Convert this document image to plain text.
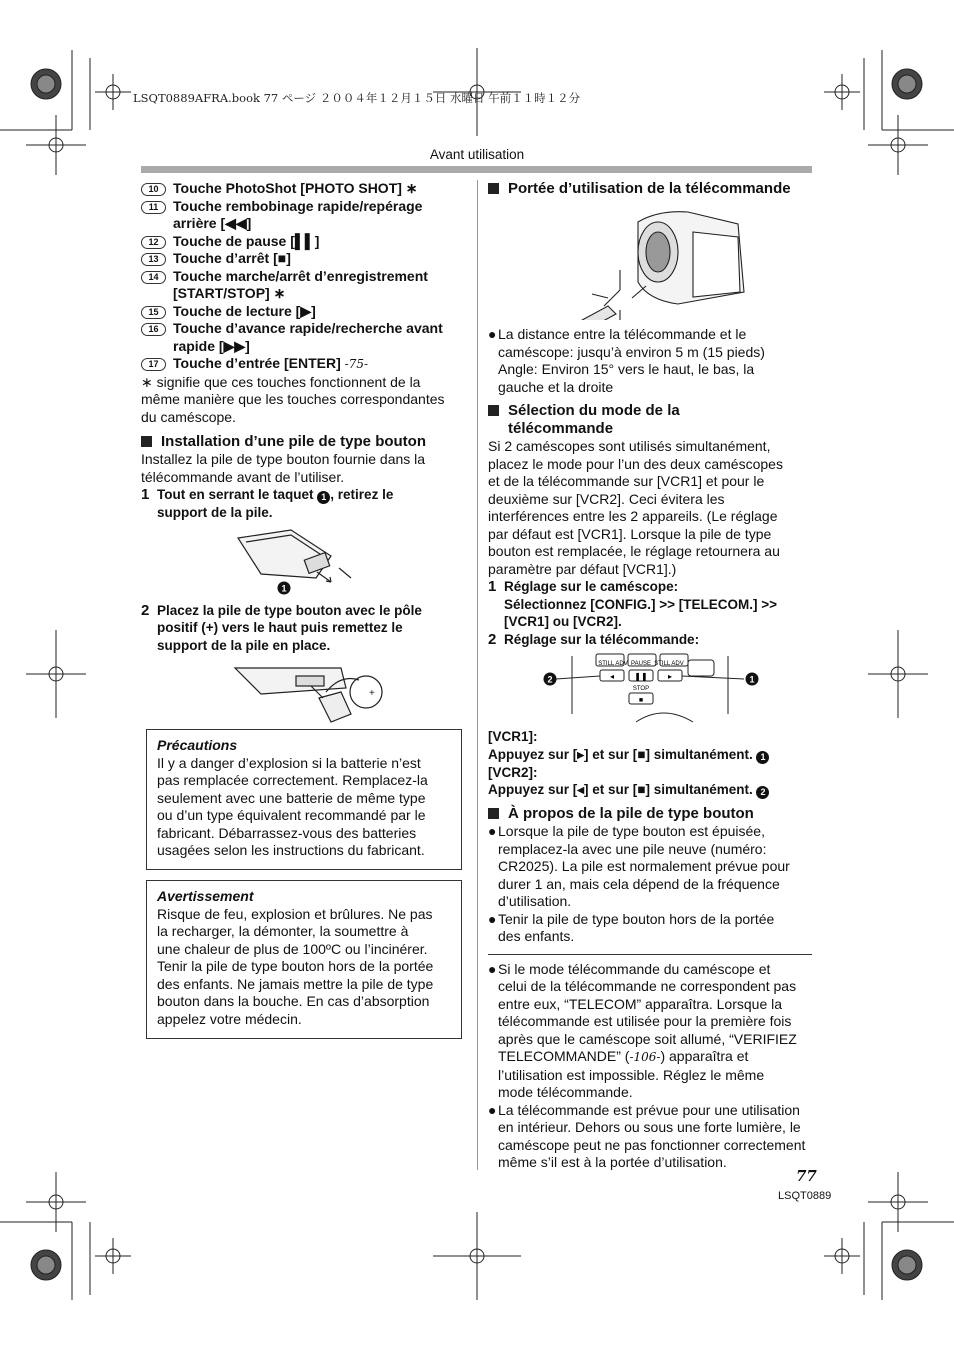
LSQT0889AFRA.book 77 ページ ２００４年１２月１５日 水曜日 午前１１時１２分
Avant utilisation
10	Touche PhotoShot [PHOTO SHOT] ∗
11	Touche rembobinage rapide/repérage
arrière [◀◀]
12	Touche de pause [▌▌]
13	Touche d’arrêt [■]
14	Touche marche/arrêt d’enregistrement
[START/STOP] ∗
15	Touche de lecture [▶]
16	Touche d’avance rapide/recherche avant
rapide [▶▶]
17	Touche d’entrée [ENTER] -75-
∗ signifie que ces touches fonctionnent de la
même manière que les touches correspondantes
du caméscope.
Installation d’une pile de type bouton
Installez la pile de type bouton fournie dans la
télécommande avant de l’utiliser.
1 Tout en serrant le taquet 1 , retirez le
support de la pile.
1
2 Placez la pile de type bouton avec le pôle
positif (+) vers le haut puis remettez le
support de la pile en place.
+
Précautions
Il y a danger d’explosion si la batterie n’est
pas remplacée correctement. Remplacez-la
seulement avec une batterie de même type
ou d’un type équivalent recommandé par le
fabricant. Débarrassez-vous des batteries
usagées selon les instructions du fabricant.
Avertissement
Risque de feu, explosion et brûlures. Ne pas
la recharger, la démonter, la soumettre à
une chaleur de plus de 100ºC ou l’incinérer.
Tenir la pile de type bouton hors de la portée
des enfants. Ne jamais mettre la pile de type
bouton dans la bouche. En cas d’absorption
appelez votre médecin.
Portée d’utilisation de la télécommande
● La distance entre la télécommande et le
caméscope: jusqu’à environ 5 m (15 pieds)
Angle: Environ 15° vers le haut, le bas, la
gauche et la droite
Sélection du mode de la
télécommande
Si 2 caméscopes sont utilisés simultanément,
placez le mode pour l’un des deux caméscopes
et de la télécommande sur [VCR1] et pour le
deuxième sur [VCR2]. Ceci évitera les
interférences entre les 2 appareils. (Le réglage
par défaut est [VCR1]. Lorsque la pile de type
bouton est remplacée, le réglage retournera au
paramètre par défaut [VCR1].)
1 Réglage sur le caméscope:
Sélectionnez [CONFIG.] >> [TELECOM.] >>
[VCR1] ou [VCR2].
2 Réglage sur la télécommande:
STILL ADV PAUSE STILL ADV
◂	❚❚	▸
STOP
■
2	1
[VCR1]:
Appuyez sur [▸] et sur [■] simultanément. 1
[VCR2]:
Appuyez sur [◂] et sur [■] simultanément. 2
À propos de la pile de type bouton
● Lorsque la pile de type bouton est épuisée,
remplacez-la avec une pile neuve (numéro:
CR2025). La pile est normalement prévue pour
durer 1 an, mais cela dépend de la fréquence
d’utilisation.
● Tenir la pile de type bouton hors de la portée
des enfants.
● Si le mode télécommande du caméscope et
celui de la télécommande ne correspondent pas
entre eux, “TELECOM” apparaîtra. Lorsque la
télécommande est utilisée pour la première fois
après que le caméscope soit allumé, “VERIFIEZ
TELECOMMANDE” (-106-) apparaîtra et
l’utilisation est impossible. Réglez le même
mode télécommande.
● La télécommande est prévue pour une utilisation
en intérieur. Dehors ou sous une forte lumière, le
caméscope peut ne pas fonctionner correctement
même s’il est à la portée d’utilisation.
77
LSQT0889
